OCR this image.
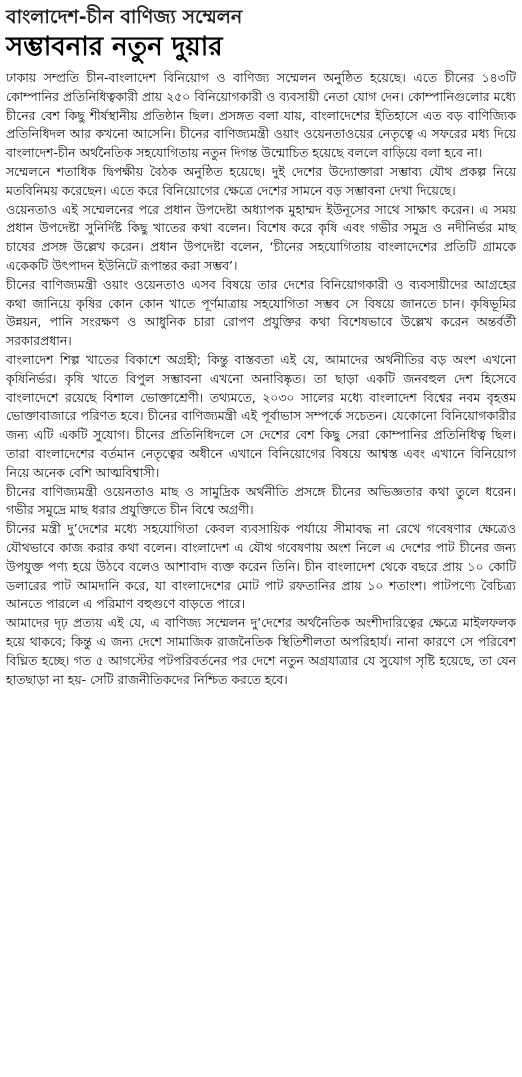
বাংলাদেশ-চীন বাণিজ্য সম্মেলন
সম্ভাবনার নতুন দুয়ার

ঢাকায় সম্প্রতি চীন-বাংলাদেশ বিনিয়োগ ও বাণিজ্য সম্মেলন অনুষ্ঠিত হয়েছে। এতে চীনের ১৪৩টি কোম্পানির প্রতিনিধিত্বকারী প্রায় ২৫০ বিনিয়োগকারী ও ব্যবসায়ী নেতা যোগ দেন। কোম্পানিগুলোর মধ্যে চীনের বেশ কিছু শীর্ষস্থানীয় প্রতিষ্ঠান ছিল। প্রসঙ্গত বলা যায়, বাংলাদেশের ইতিহাসে এত বড় বাণিজ্যিক প্রতিনিধিদল আর কখনো আসেনি। চীনের বাণিজ্যমন্ত্রী ওয়াং ওয়েনতাওয়ের নেতৃত্বে এ সফরের মধ্য দিয়ে বাংলাদেশ-চীন অর্থনৈতিক সহযোগিতায় নতুন দিগন্ত উন্মোচিত হয়েছে বললে বাড়িয়ে বলা হবে না।

সম্মেলনে শতাধিক দ্বিপক্ষীয় বৈঠক অনুষ্ঠিত হয়েছে। দুই দেশের উদ্যোক্তারা সম্ভাব্য যৌথ প্রকল্প নিয়ে মতবিনিময় করেছেন। এতে করে বিনিয়োগের ক্ষেত্রে দেশের সামনে বড় সম্ভাবনা দেখা দিয়েছে।

ওয়েনতাও এই সম্মেলনের পরে প্রধান উপদেষ্টা অধ্যাপক মুহাম্মদ ইউনূসের সাথে সাক্ষাৎ করেন। এ সময় প্রধান উপদেষ্টা সুনির্দিষ্ট কিছু খাতের কথা বলেন। বিশেষ করে কৃষি এবং গভীর সমুদ্র ও নদীনির্ভর মাছ চাষের প্রসঙ্গ উল্লেখ করেন। প্রধান উপদেষ্টা বলেন, ‘চীনের সহযোগিতায় বাংলাদেশের প্রতিটি গ্রামকে একেকটি উৎপাদন ইউনিটে রূপান্তর করা সম্ভব’।

চীনের বাণিজ্যমন্ত্রী ওয়াং ওয়েনতাও এসব বিষয়ে তার দেশের বিনিয়োগকারী ও ব্যবসায়ীদের আগ্রহের কথা জানিয়ে কৃষির কোন কোন খাতে পূর্ণমাত্রায় সহযোগিতা সম্ভব সে বিষয়ে জানতে চান। কৃষিভূমির উন্নয়ন, পানি সংরক্ষণ ও আধুনিক চারা রোপণ প্রযুক্তির কথা বিশেষভাবে উল্লেখ করেন অন্তর্বর্তী সরকারপ্রধান।

বাংলাদেশ শিল্প খাতের বিকাশে অগ্রহী; কিন্তু বাস্তবতা এই যে, আমাদের অর্থনীতির বড় অংশ এখনো কৃষিনির্ভর। কৃষি খাতে বিপুল সম্ভাবনা এখনো অনাবিষ্কৃত। তা ছাড়া একটি জনবহুল দেশ হিসেবে বাংলাদেশে রয়েছে বিশাল ভোক্তাশ্রেণী। তথ্যমতে, ২০৩০ সালের মধ্যে বাংলাদেশ বিশ্বের নবম বৃহত্তম ভোক্তাবাজারে পরিণত হবে। চীনের বাণিজ্যমন্ত্রী এই পূর্বাভাস সম্পর্কে সচেতন। যেকোনো বিনিয়োগকারীর জন্য এটি একটি সুযোগ। চীনের প্রতিনিধিদলে সে দেশের বেশ কিছু সেরা কোম্পানির প্রতিনিধিত্ব ছিল। তারা বাংলাদেশের বর্তমান নেতৃত্বের অধীনে এখানে বিনিয়োগের বিষয়ে আশ্বস্ত এবং এখানে বিনিয়োগ নিয়ে অনেক বেশি আত্মবিশ্বাসী।

চীনের বাণিজ্যমন্ত্রী ওয়েনতাও মাছ ও সামুদ্রিক অর্থনীতি প্রসঙ্গে চীনের অভিজ্ঞতার কথা তুলে ধরেন। গভীর সমুদ্রে মাছ ধরার প্রযুক্তিতে চীন বিশ্বে অগ্রণী।

চীনের মন্ত্রী দু’দেশের মধ্যে সহযোগিতা কেবল ব্যবসায়িক পর্যায়ে সীমাবদ্ধ না রেখে গবেষণার ক্ষেত্রেও যৌথভাবে কাজ করার কথা বলেন। বাংলাদেশ এ যৌথ গবেষণায় অংশ নিলে এ দেশের পাট চীনের জন্য উপযুক্ত পণ্য হয়ে উঠবে বলেও আশাবাদ ব্যক্ত করেন তিনি। চীন বাংলাদেশ থেকে বছরে প্রায় ১০ কোটি ডলারের পাট আমদানি করে, যা বাংলাদেশের মোট পাট রফতানির প্রায় ১০ শতাংশ। পাটপণ্যে বৈচিত্র্য আনতে পারলে এ পরিমাণ বহুগুণে বাড়তে পারে।

আমাদের দৃঢ় প্রত্যয় এই যে, এ বাণিজ্য সম্মেলন দু’দেশের অর্থনৈতিক অংশীদারিত্বের ক্ষেত্রে মাইলফলক হয়ে থাকবে; কিন্তু এ জন্য দেশে সামাজিক রাজনৈতিক স্থিতিশীলতা অপরিহার্য। নানা কারণে সে পরিবেশ বিঘ্নিত হচ্ছে। গত ৫ আগস্টের পটপরিবর্তনের পর দেশে নতুন অগ্রযাত্রার যে সুযোগ সৃষ্টি হয়েছে, তা যেন হাতছাড়া না হয়- সেটি রাজনীতিকদের নিশ্চিত করতে হবে।
